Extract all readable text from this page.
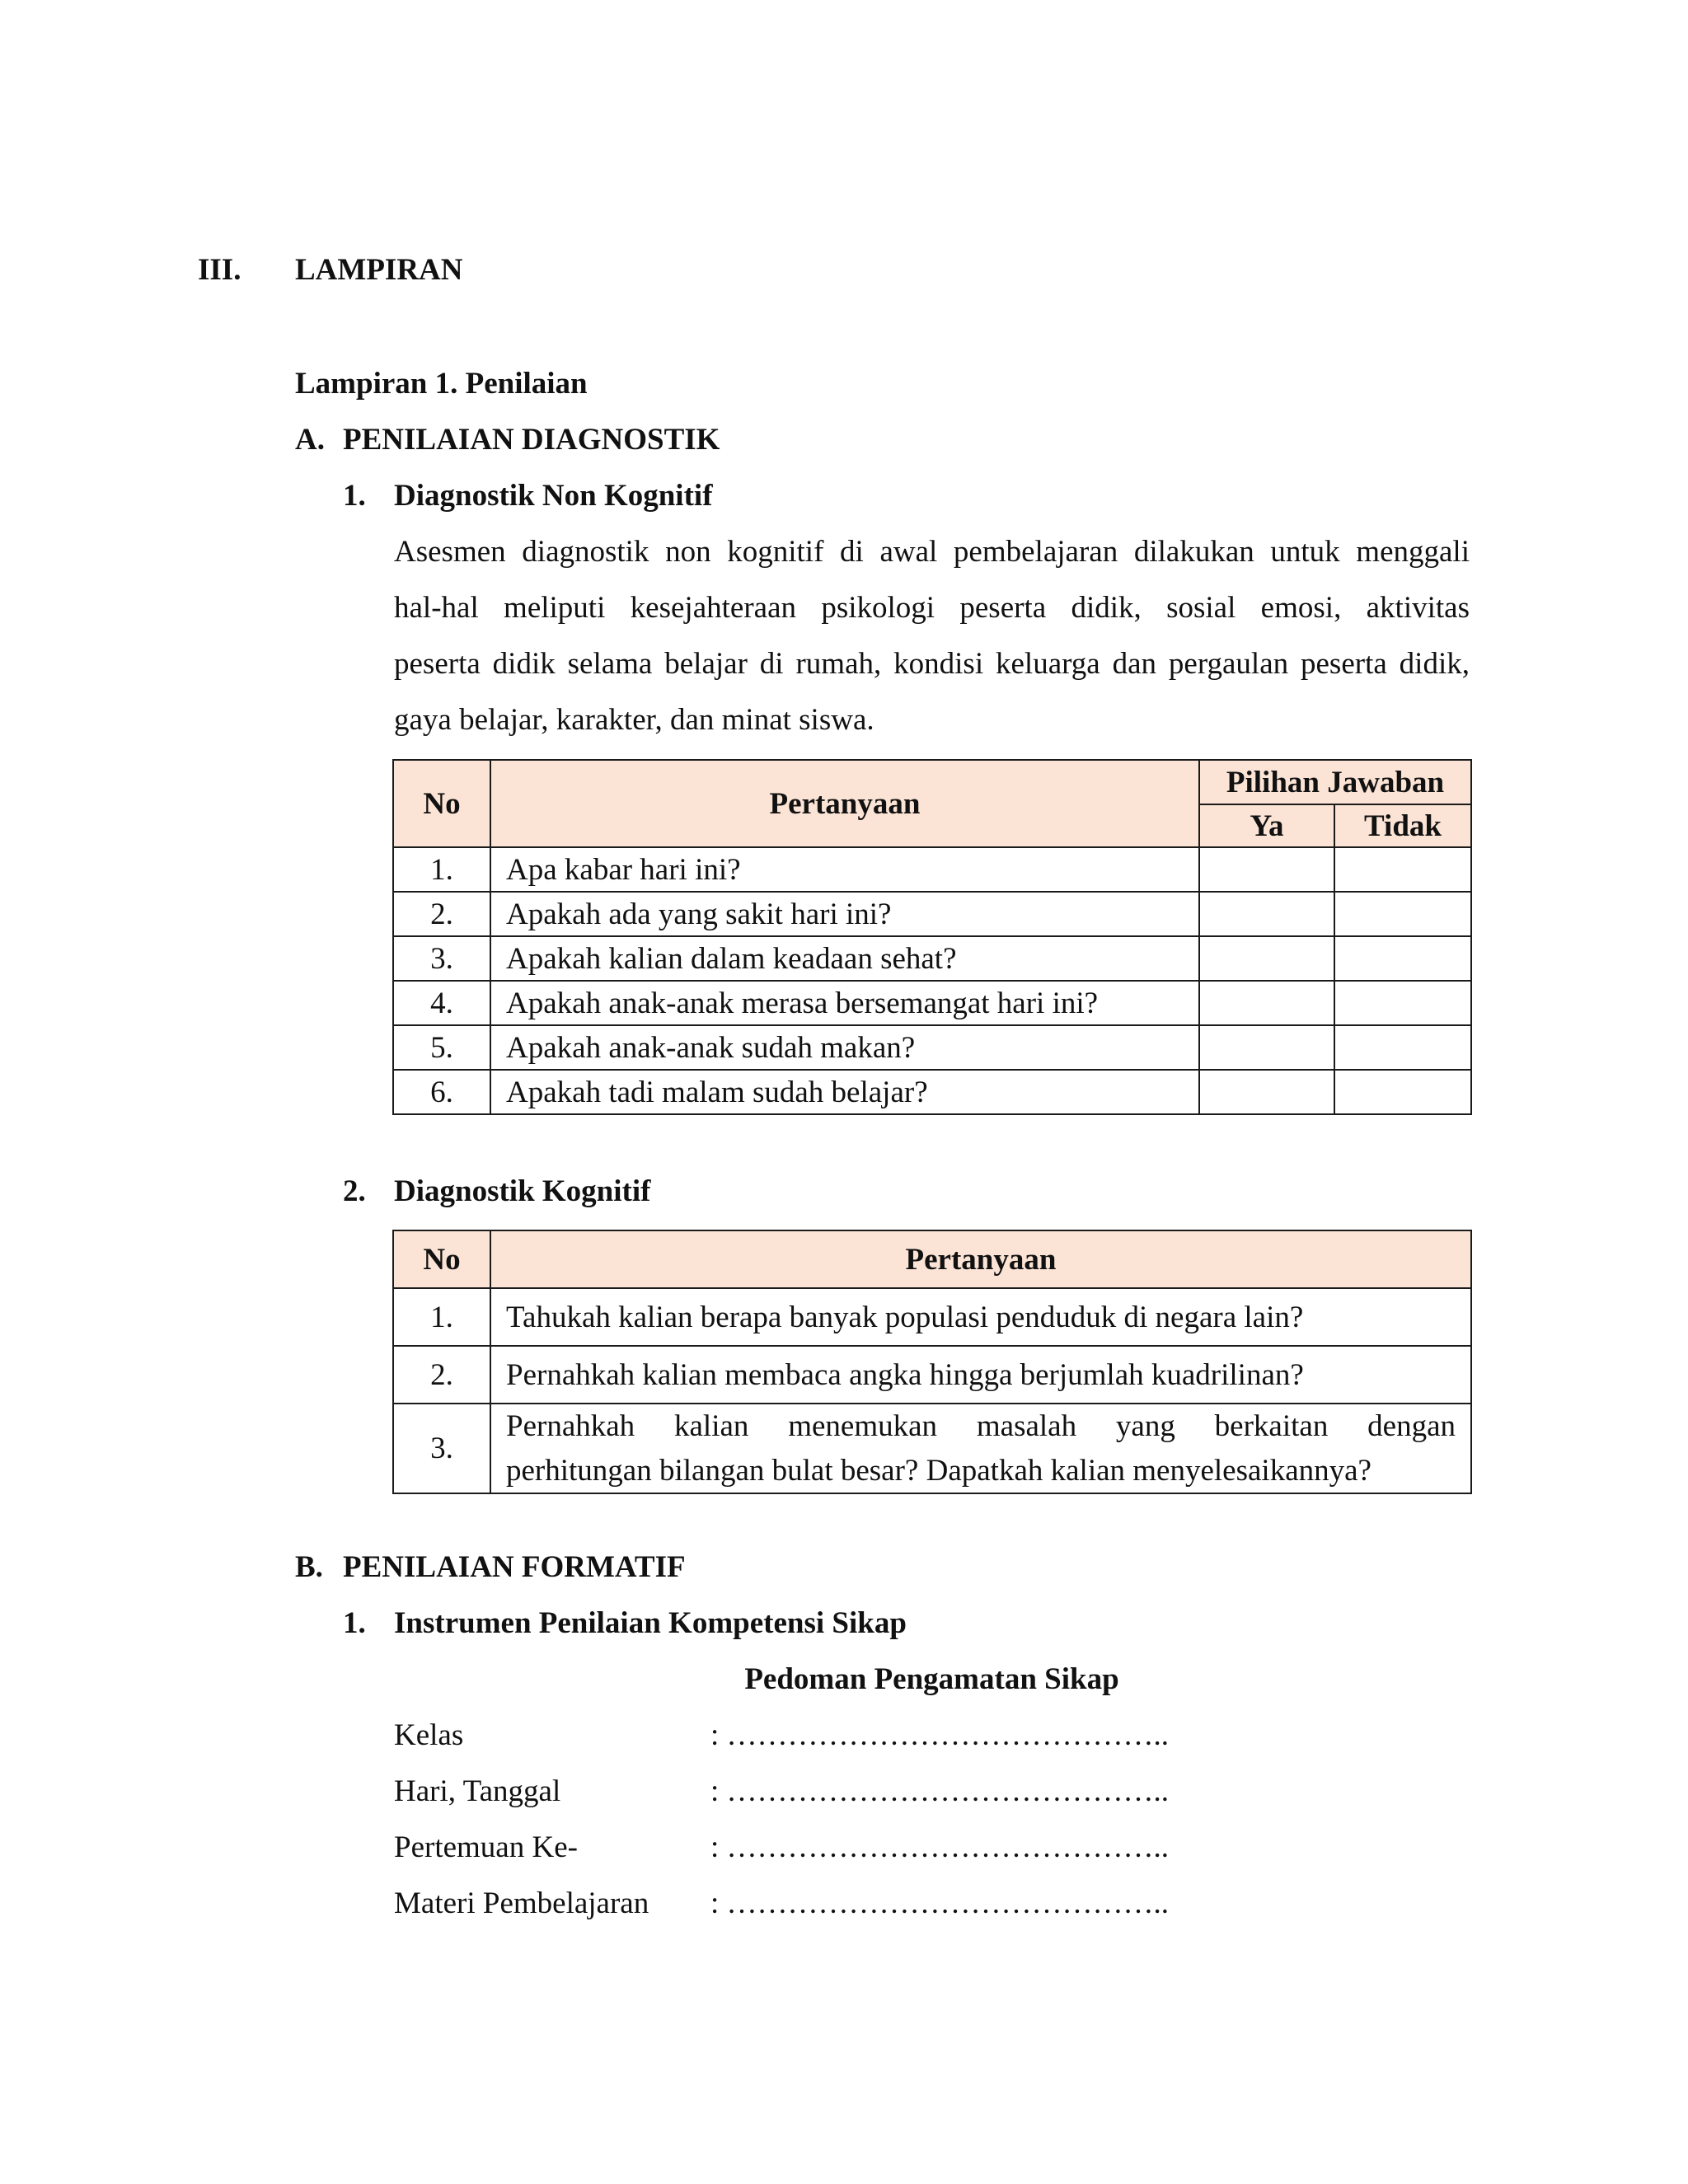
III. LAMPIRAN
Lampiran 1. Penilaian
A. PENILAIAN DIAGNOSTIK
1. Diagnostik Non Kognitif
Asesmen diagnostik non kognitif di awal pembelajaran dilakukan untuk menggali
hal-hal meliputi kesejahteraan psikologi peserta didik, sosial emosi, aktivitas
peserta didik selama belajar di rumah, kondisi keluarga dan pergaulan peserta didik,
gaya belajar, karakter, dan minat siswa.
No	Pertanyaan	Pilihan Jawaban	
		Ya	Tidak
1.	Apa kabar hari ini?		
2.	Apakah ada yang sakit hari ini?		
3.	Apakah kalian dalam keadaan sehat?		
4.	Apakah anak-anak merasa bersemangat hari ini?		
5.	Apakah anak-anak sudah makan?		
6.	Apakah tadi malam sudah belajar?		
2. Diagnostik Kognitif
No	Pertanyaan
1.	Tahukah kalian berapa banyak populasi penduduk di negara lain?
2.	Pernahkah kalian membaca angka hingga berjumlah kuadrilinan?
3.	Pernahkah kalian menemukan masalah yang berkaitan dengan
perhitungan bilangan bulat besar? Dapatkah kalian menyelesaikannya?
B. PENILAIAN FORMATIF
1. Instrumen Penilaian Kompetensi Sikap
Pedoman Pengamatan Sikap
Kelas	: ……………………………………..
Hari, Tanggal	: ……………………………………..
Pertemuan Ke-	: ……………………………………..
Materi Pembelajaran : ……………………………………..
